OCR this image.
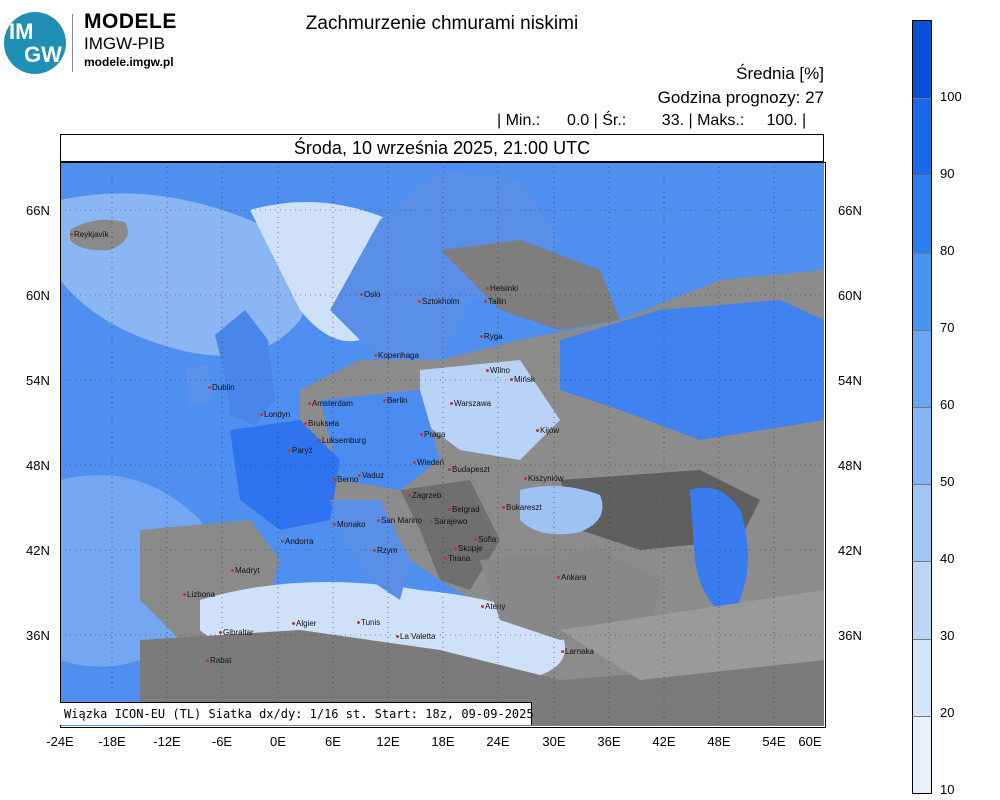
IM
GW
MODELE
IMGW-PIB
modele.imgw.pl
Zachmurzenie chmurami niskimi
Średnia [%]
Godzina prognozy: 27
| Min.:      0.0 | Śr.:        33. | Maks.:     100. |
Środa, 10 września 2025, 21:00 UTC
Reykjavík
Oslo
Sztokholm
Helsinki
Tallin
Ryga
Kopenhaga
Wilno
Mińsk
Dublin
Amsterdam	Berlin	Warszawa
Londyn
Bruksela
Luksemburg
Praga	Kijów
Paryż
Wiedeń
Budapeszt
Berno Vaduz	Kiszyniów
Zagrzeb
Belgrad	Bukareszt
Monako	San Marino	Sarajewo
Andorra	Sofia
Skopje
Rzym
Tirana
Madryt
Ankara
Lizbona
Ateny
Algier	Tunis
Gibraltar	La Valetta
Rabat
Larnaka
Wiązka ICON-EU (TL) Siatka dx/dy: 1/16 st. Start: 18z, 09-09-2025
-24E	-18E	-12E	-6E	0E	6E	12E	18E	24E	30E	36E	42E	48E	54E 60E
66N
60N
54N
48N
42N
36N
66N
60N
54N
48N
42N
36N
100
90
80
70
60
50
40
30
20
10
